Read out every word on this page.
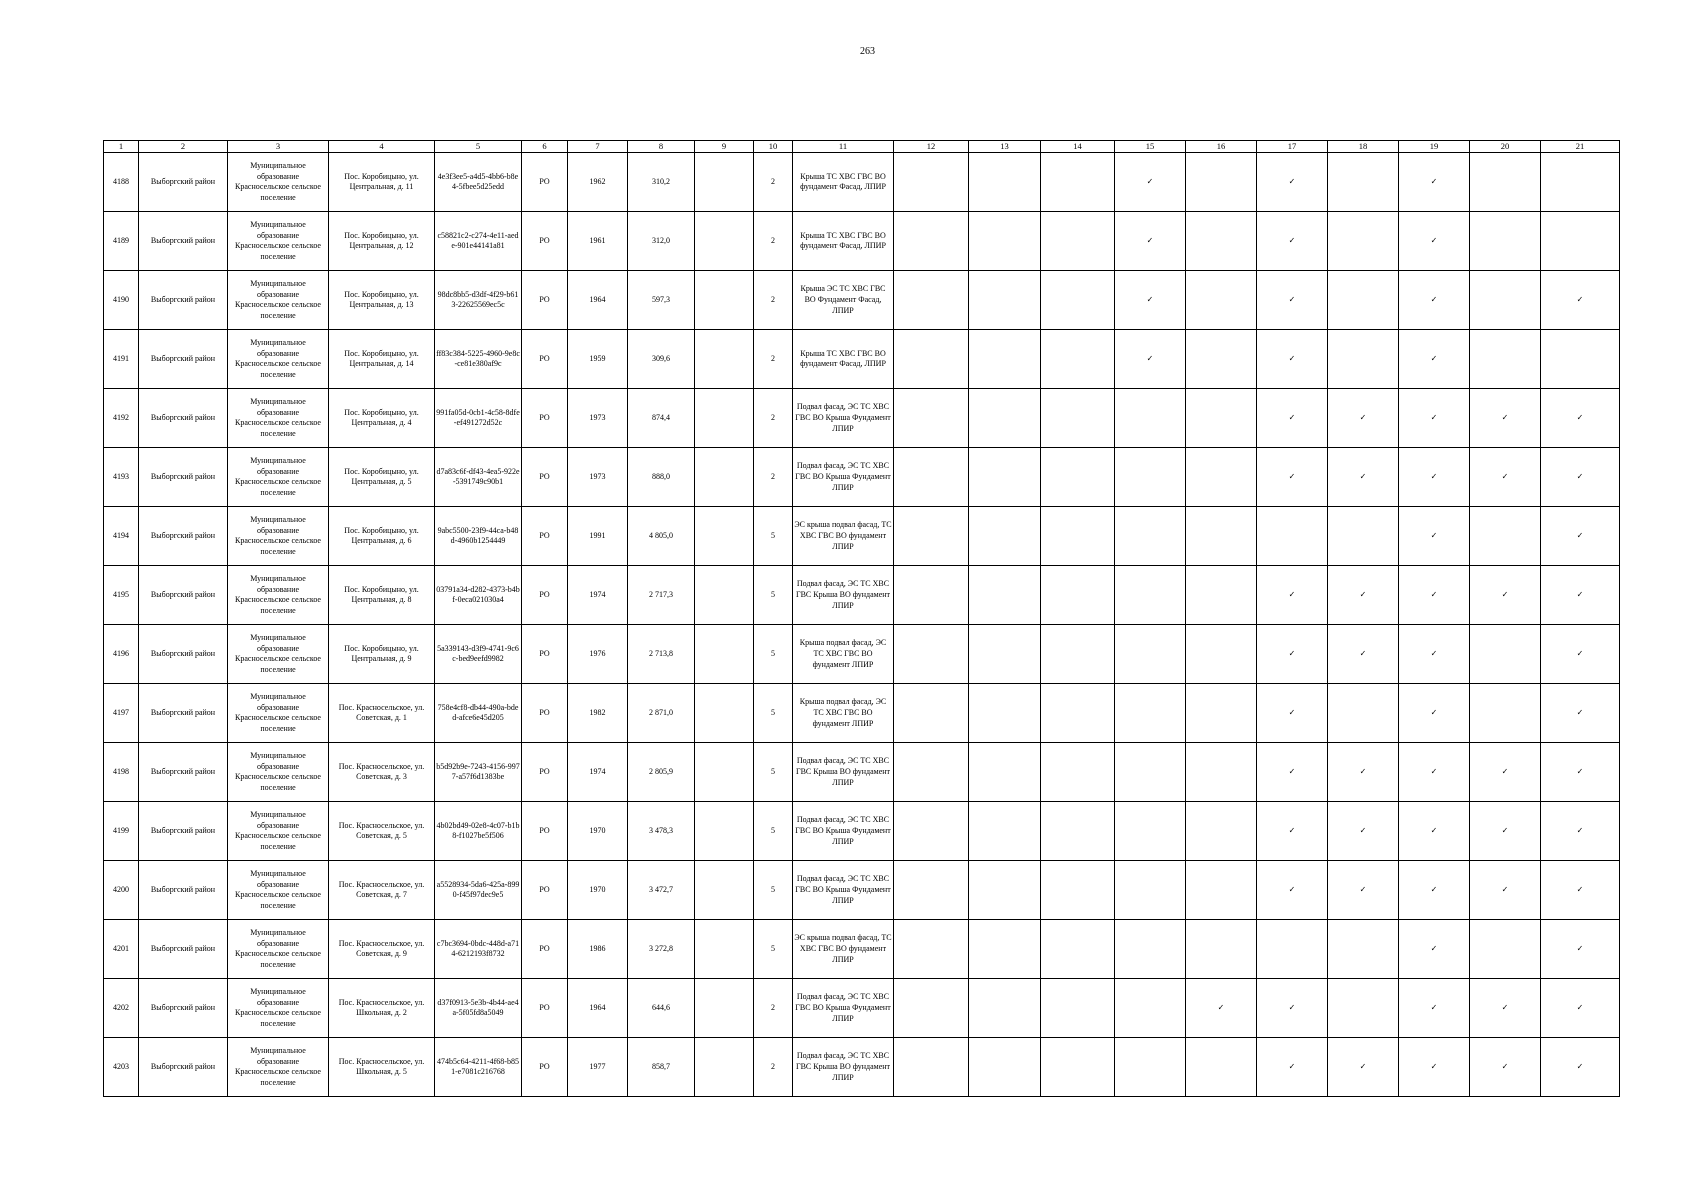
263
1	2	3	4	5	6	7	8	9	10	11	12	13	14	15	16	17	18	19	20	21
4188	Выборгский район	Муниципальное образование Красносельское сельское поселение	Пос. Коробицыно, ул. Центральная, д. 11	4e3f3ee5-a4d5-4bb6-b8e4-5fbee5d25edd	РО	1962	310,2		2	Крыша ТС ХВС ГВС ВО фундамент Фасад, ЛПИР				✓		✓		✓		
4189	Выборгский район	Муниципальное образование Красносельское сельское поселение	Пос. Коробицыно, ул. Центральная, д. 12	c58821c2-c274-4e11-aede-901e44141a81	РО	1961	312,0		2	Крыша ТС ХВС ГВС ВО фундамент Фасад, ЛПИР				✓		✓		✓		
4190	Выборгский район	Муниципальное образование Красносельское сельское поселение	Пос. Коробицыно, ул. Центральная, д. 13	98dc8bb5-d3df-4f29-b613-22625569ec5c	РО	1964	597,3		2	Крыша ЭС ТС ХВС ГВС ВО Фундамент Фасад, ЛПИР				✓		✓		✓		✓
4191	Выборгский район	Муниципальное образование Красносельское сельское поселение	Пос. Коробицыно, ул. Центральная, д. 14	ff83c384-5225-4960-9e8c-ce81e380af9c	РО	1959	309,6		2	Крыша ТС ХВС ГВС ВО фундамент Фасад, ЛПИР				✓		✓		✓		
4192	Выборгский район	Муниципальное образование Красносельское сельское поселение	Пос. Коробицыно, ул. Центральная, д. 4	991fa05d-0cb1-4c58-8dfe-ef491272d52c	РО	1973	874,4		2	Подвал фасад, ЭС ТС ХВС ГВС ВО Крыша Фундамент ЛПИР						✓	✓	✓	✓	✓
4193	Выборгский район	Муниципальное образование Красносельское сельское поселение	Пос. Коробицыно, ул. Центральная, д. 5	d7a83c6f-df43-4ea5-922e-5391749c90b1	РО	1973	888,0		2	Подвал фасад, ЭС ТС ХВС ГВС ВО Крыша Фундамент ЛПИР						✓	✓	✓	✓	✓
4194	Выборгский район	Муниципальное образование Красносельское сельское поселение	Пос. Коробицыно, ул. Центральная, д. 6	9abc5500-23f9-44ca-b48d-4960b1254449	РО	1991	4 805,0		5	ЭС крыша подвал фасад, ТС ХВС ГВС ВО фундамент ЛПИР								✓		✓
4195	Выборгский район	Муниципальное образование Красносельское сельское поселение	Пос. Коробицыно, ул. Центральная, д. 8	03791a34-d282-4373-b4bf-0eca021030a4	РО	1974	2 717,3		5	Подвал фасад, ЭС ТС ХВС ГВС Крыша ВО фундамент ЛПИР						✓	✓	✓	✓	✓
4196	Выборгский район	Муниципальное образование Красносельское сельское поселение	Пос. Коробицыно, ул. Центральная, д. 9	5a339143-d3f9-4741-9c6c-bed9eefd9982	РО	1976	2 713,8		5	Крыша подвал фасад, ЭС ТС ХВС ГВС ВО фундамент ЛПИР						✓	✓	✓		✓
4197	Выборгский район	Муниципальное образование Красносельское сельское поселение	Пос. Красносельское, ул. Советская, д. 1	758e4cf8-db44-490a-bded-afce6e45d205	РО	1982	2 871,0		5	Крыша подвал фасад, ЭС ТС ХВС ГВС ВО фундамент ЛПИР						✓		✓		✓
4198	Выборгский район	Муниципальное образование Красносельское сельское поселение	Пос. Красносельское, ул. Советская, д. 3	b5d92b9e-7243-4156-9977-a57f6d1383be	РО	1974	2 805,9		5	Подвал фасад, ЭС ТС ХВС ГВС Крыша ВО фундамент ЛПИР						✓	✓	✓	✓	✓
4199	Выборгский район	Муниципальное образование Красносельское сельское поселение	Пос. Красносельское, ул. Советская, д. 5	4b02bd49-02e8-4c07-b1b8-f1027be5f506	РО	1970	3 478,3		5	Подвал фасад, ЭС ТС ХВС ГВС ВО Крыша Фундамент ЛПИР						✓	✓	✓	✓	✓
4200	Выборгский район	Муниципальное образование Красносельское сельское поселение	Пос. Красносельское, ул. Советская, д. 7	a5528934-5da6-425a-8990-f45f97dec9e5	РО	1970	3 472,7		5	Подвал фасад, ЭС ТС ХВС ГВС ВО Крыша Фундамент ЛПИР						✓	✓	✓	✓	✓
4201	Выборгский район	Муниципальное образование Красносельское сельское поселение	Пос. Красносельское, ул. Советская, д. 9	c7bc3694-0bdc-448d-a714-6212193f8732	РО	1986	3 272,8		5	ЭС крыша подвал фасад, ТС ХВС ГВС ВО фундамент ЛПИР								✓		✓
4202	Выборгский район	Муниципальное образование Красносельское сельское поселение	Пос. Красносельское, ул. Школьная, д. 2	d37f0913-5e3b-4b44-ae4a-5f05fd8a5049	РО	1964	644,6		2	Подвал фасад, ЭС ТС ХВС ГВС ВО Крыша Фундамент ЛПИР					✓	✓		✓	✓	✓
4203	Выборгский район	Муниципальное образование Красносельское сельское поселение	Пос. Красносельское, ул. Школьная, д. 5	474b5c64-4211-4f68-b851-e7081c216768	РО	1977	858,7		2	Подвал фасад, ЭС ТС ХВС ГВС Крыша ВО фундамент ЛПИР						✓	✓	✓	✓	✓
